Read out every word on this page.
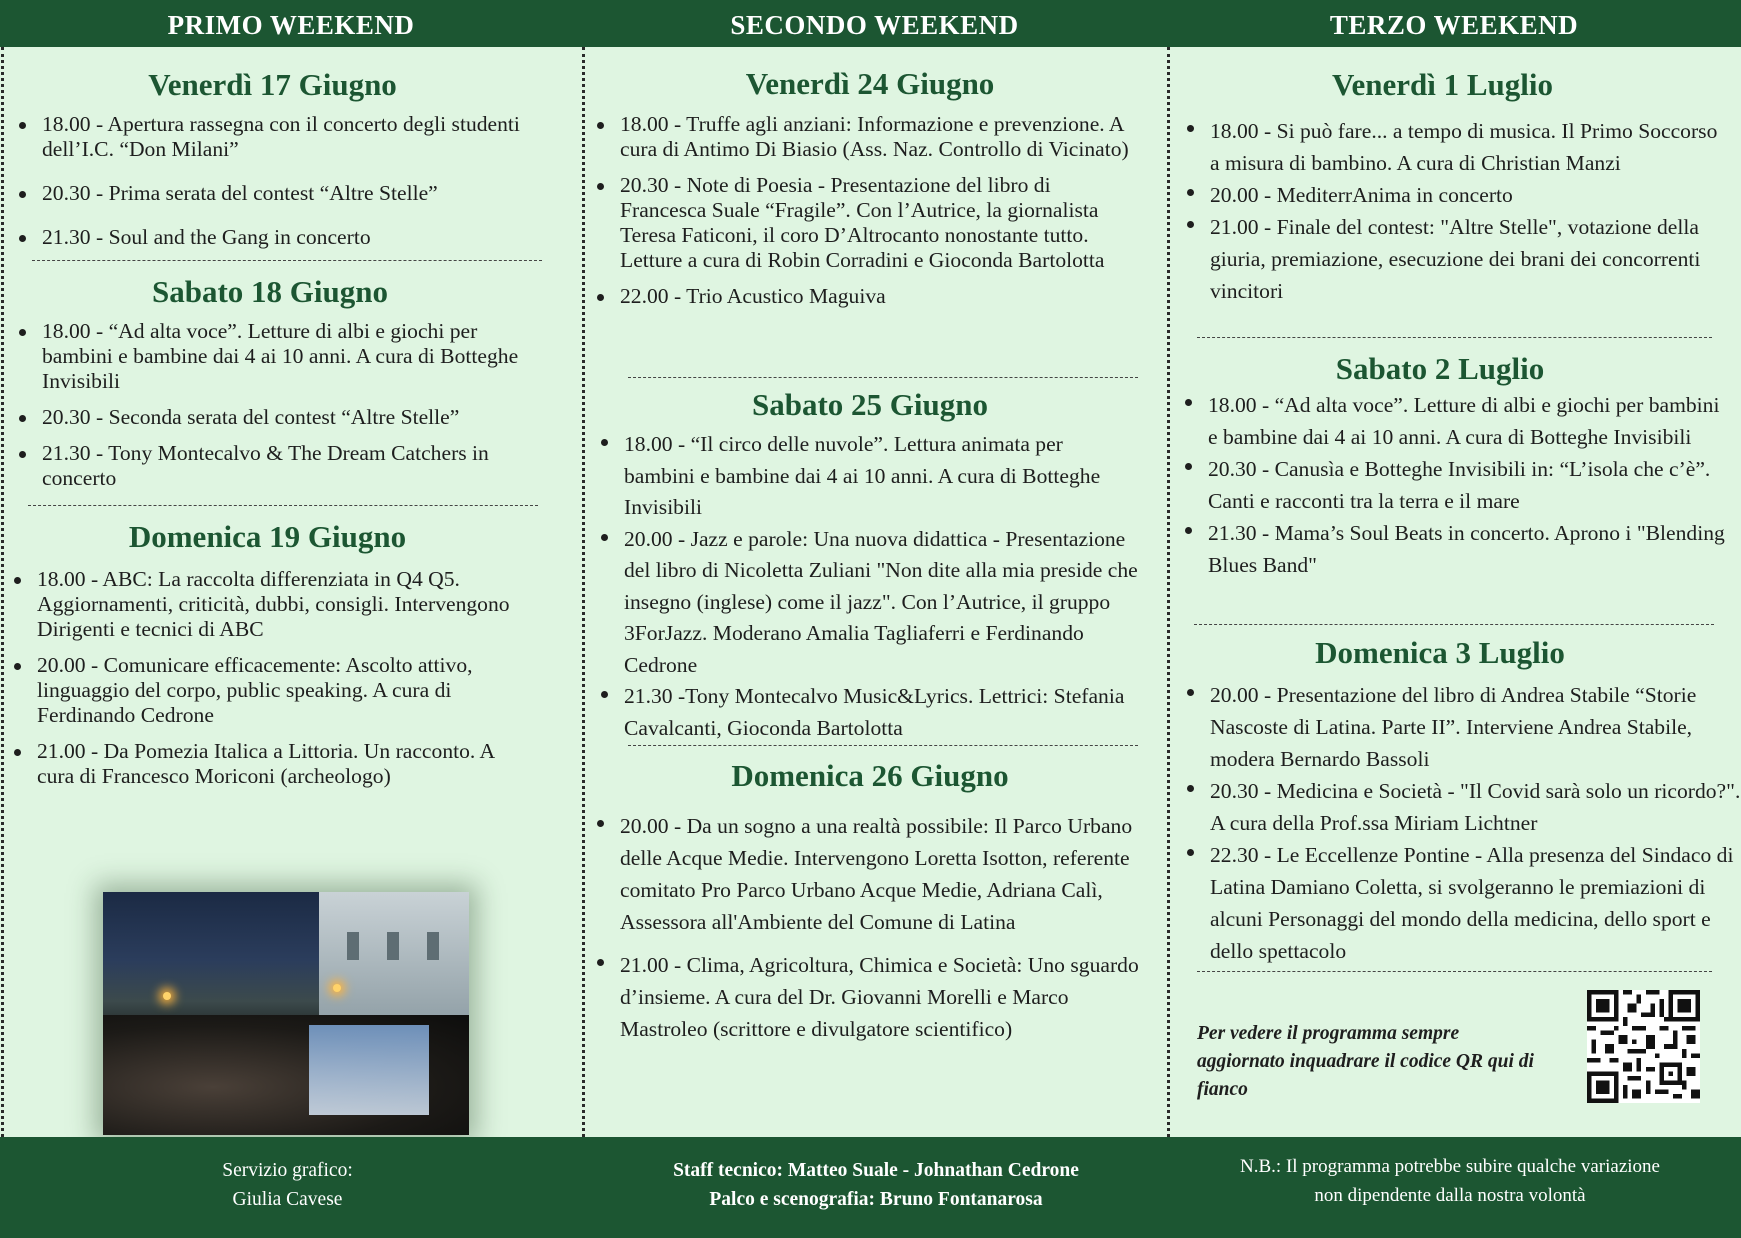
PRIMO WEEKEND	SECONDO WEEKEND	TERZO WEEKEND
Venerdì 17 Giugno
18.00 - Apertura rassegna con il concerto degli studenti dell’I.C. “Don Milani”
20.30 - Prima serata del contest “Altre Stelle”
21.30 - Soul and the Gang in concerto
Sabato 18 Giugno
18.00 - “Ad alta voce”. Letture di albi e giochi per bambini e bambine dai 4 ai 10 anni. A cura di Botteghe Invisibili
20.30 - Seconda serata del contest “Altre Stelle”
21.30 - Tony Montecalvo & The Dream Catchers in concerto
Domenica 19 Giugno
18.00 - ABC: La raccolta differenziata in Q4 Q5. Aggiornamenti, criticità, dubbi, consigli. Intervengono Dirigenti e tecnici di ABC
20.00 - Comunicare efficacemente: Ascolto attivo, linguaggio del corpo, public speaking. A cura di Ferdinando Cedrone
21.00 - Da Pomezia Italica a Littoria. Un racconto. A cura di Francesco Moriconi (archeologo)
Venerdì 24 Giugno
18.00 - Truffe agli anziani: Informazione e prevenzione. A cura di Antimo Di Biasio (Ass. Naz. Controllo di Vicinato)
20.30 - Note di Poesia - Presentazione del libro di Francesca Suale “Fragile”. Con l’Autrice, la giornalista Teresa Faticoni, il coro D’Altrocanto nonostante tutto. Letture a cura di Robin Corradini e Gioconda Bartolotta
22.00 - Trio Acustico Maguiva
Sabato 25 Giugno
18.00 - “Il circo delle nuvole”. Lettura animata per bambini e bambine dai 4 ai 10 anni. A cura di Botteghe Invisibili
20.00 - Jazz e parole: Una nuova didattica - Presentazione del libro di Nicoletta Zuliani "Non dite alla mia preside che insegno (inglese) come il jazz". Con l’Autrice, il gruppo 3ForJazz. Moderano Amalia Tagliaferri e Ferdinando Cedrone
21.30 -Tony Montecalvo Music&Lyrics. Lettrici: Stefania Cavalcanti, Gioconda Bartolotta
Domenica 26 Giugno
20.00 - Da un sogno a una realtà possibile: Il Parco Urbano delle Acque Medie. Intervengono Loretta Isotton, referente comitato Pro Parco Urbano Acque Medie, Adriana Calì, Assessora all'Ambiente del Comune di Latina
21.00 - Clima, Agricoltura, Chimica e Società: Uno sguardo d’insieme. A cura del Dr. Giovanni Morelli e Marco Mastroleo (scrittore e divulgatore scientifico)
Venerdì 1 Luglio
18.00 - Si può fare... a tempo di musica. Il Primo Soccorso a misura di bambino. A cura di Christian Manzi
20.00 - MediterrAnima in concerto
21.00 - Finale del contest: "Altre Stelle", votazione della giuria, premiazione, esecuzione dei brani dei concorrenti vincitori
Sabato 2 Luglio
18.00 - “Ad alta voce”. Letture di albi e giochi per bambini e bambine dai 4 ai 10 anni. A cura di Botteghe Invisibili
20.30 - Canusìa e Botteghe Invisibili in: “L’isola che c’è”. Canti e racconti tra la terra e il mare
21.30 - Mama’s Soul Beats in concerto. Aprono i "Blending Blues Band"
Domenica 3 Luglio
20.00 - Presentazione del libro di Andrea Stabile “Storie Nascoste di Latina. Parte II”. Interviene Andrea Stabile, modera Bernardo Bassoli
20.30 - Medicina e Società - "Il Covid sarà solo un ricordo?". A cura della Prof.ssa Miriam Lichtner
22.30 - Le Eccellenze Pontine - Alla presenza del Sindaco di Latina Damiano Coletta, si svolgeranno le premiazioni di alcuni Personaggi del mondo della medicina, dello sport e dello spettacolo
Per vedere il programma sempre aggiornato inquadrare il codice QR qui di fianco
Servizio grafico:
Giulia Cavese
Staff tecnico: Matteo Suale - Johnathan Cedrone
Palco e scenografia: Bruno Fontanarosa
N.B.: Il programma potrebbe subire qualche variazione
non dipendente dalla nostra volontà
